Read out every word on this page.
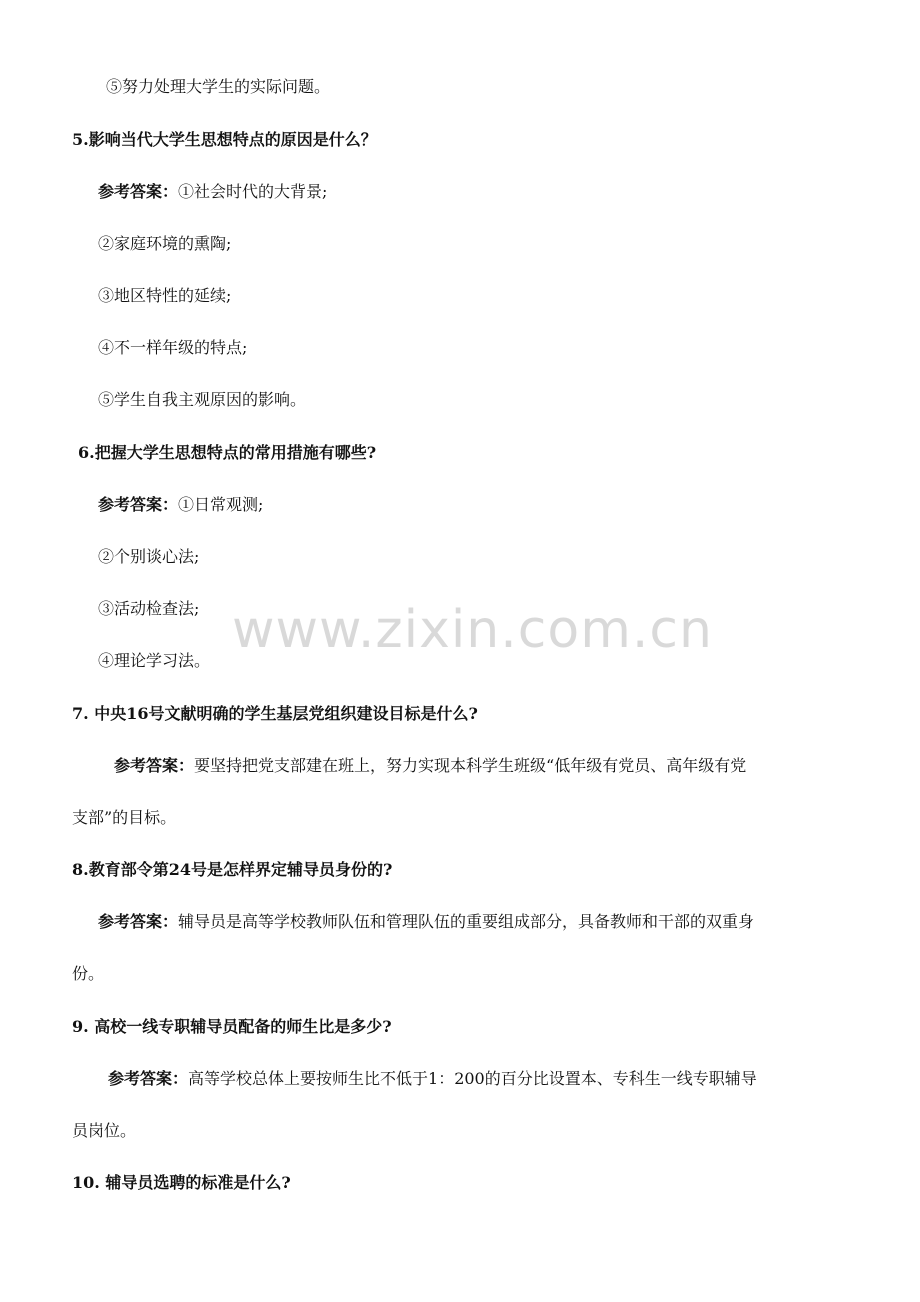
⑤努力处理大学生的实际问题。
5.影响当代大学生思想特点的原因是什么？
参考答案：①社会时代的大背景;
②家庭环境的熏陶;
③地区特性的延续;
④不一样年级的特点;
⑤学生自我主观原因的影响。
6.把握大学生思想特点的常用措施有哪些?
参考答案：①日常观测;
②个别谈心法;
③活动检查法;
④理论学习法。
www.zixin.com.cn
7. 中央16号文献明确的学生基层党组织建设目标是什么?
参考答案：要坚持把党支部建在班上，努力实现本科学生班级“低年级有党员、高年级有党
支部”的目标。
8.教育部令第24号是怎样界定辅导员身份的?
参考答案：辅导员是高等学校教师队伍和管理队伍的重要组成部分，具备教师和干部的双重身
份。
9. 高校一线专职辅导员配备的师生比是多少?
参考答案：高等学校总体上要按师生比不低于1：200的百分比设置本、专科生一线专职辅导
员岗位。
10. 辅导员选聘的标准是什么?
